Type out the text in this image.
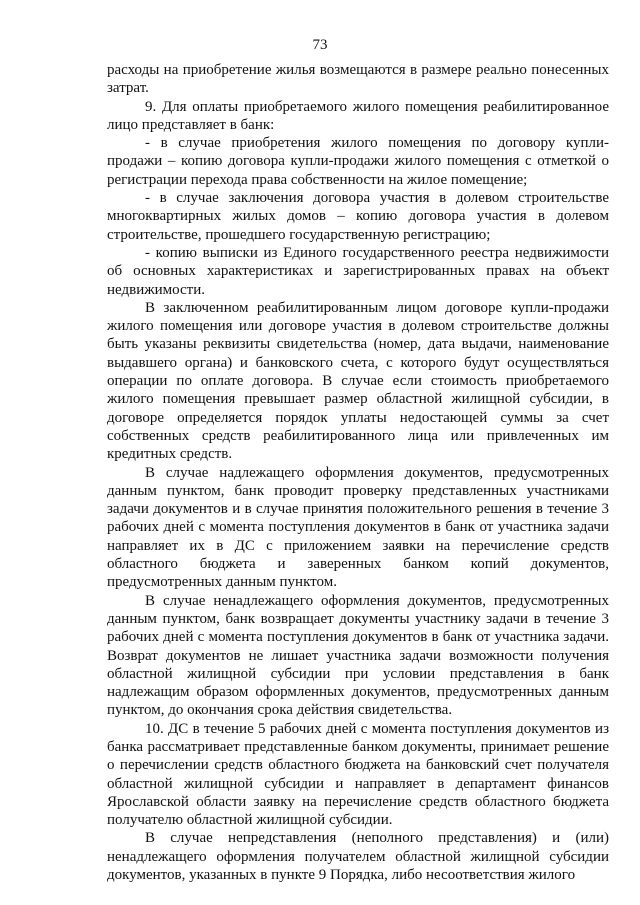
73

расходы на приобретение жилья возмещаются в размере реально понесенных затрат.

9. Для оплаты приобретаемого жилого помещения реабилитированное лицо представляет в банк:

- в случае приобретения жилого помещения по договору купли-продажи – копию договора купли-продажи жилого помещения с отметкой о регистрации перехода права собственности на жилое помещение;

- в случае заключения договора участия в долевом строительстве многоквартирных жилых домов – копию договора участия в долевом строительстве, прошедшего государственную регистрацию;

- копию выписки из Единого государственного реестра недвижимости об основных характеристиках и зарегистрированных правах на объект недвижимости.

В заключенном реабилитированным лицом договоре купли-продажи жилого помещения или договоре участия в долевом строительстве должны быть указаны реквизиты свидетельства (номер, дата выдачи, наименование выдавшего органа) и банковского счета, с которого будут осуществляться операции по оплате договора. В случае если стоимость приобретаемого жилого помещения превышает размер областной жилищной субсидии, в договоре определяется порядок уплаты недостающей суммы за счет собственных средств реабилитированного лица или привлеченных им кредитных средств.

В случае надлежащего оформления документов, предусмотренных данным пунктом, банк проводит проверку представленных участниками задачи документов и в случае принятия положительного решения в течение 3 рабочих дней с момента поступления документов в банк от участника задачи направляет их в ДС с приложением заявки на перечисление средств областного бюджета и заверенных банком копий документов, предусмотренных данным пунктом.

В случае ненадлежащего оформления документов, предусмотренных данным пунктом, банк возвращает документы участнику задачи в течение 3 рабочих дней с момента поступления документов в банк от участника задачи. Возврат документов не лишает участника задачи возможности получения областной жилищной субсидии при условии представления в банк надлежащим образом оформленных документов, предусмотренных данным пунктом, до окончания срока действия свидетельства.

10. ДС в течение 5 рабочих дней с момента поступления документов из банка рассматривает представленные банком документы, принимает решение о перечислении средств областного бюджета на банковский счет получателя областной жилищной субсидии и направляет в департамент финансов Ярославской области заявку на перечисление средств областного бюджета получателю областной жилищной субсидии.

В случае непредставления (неполного представления) и (или) ненадлежащего оформления получателем областной жилищной субсидии документов, указанных в пункте 9 Порядка, либо несоответствия жилого
